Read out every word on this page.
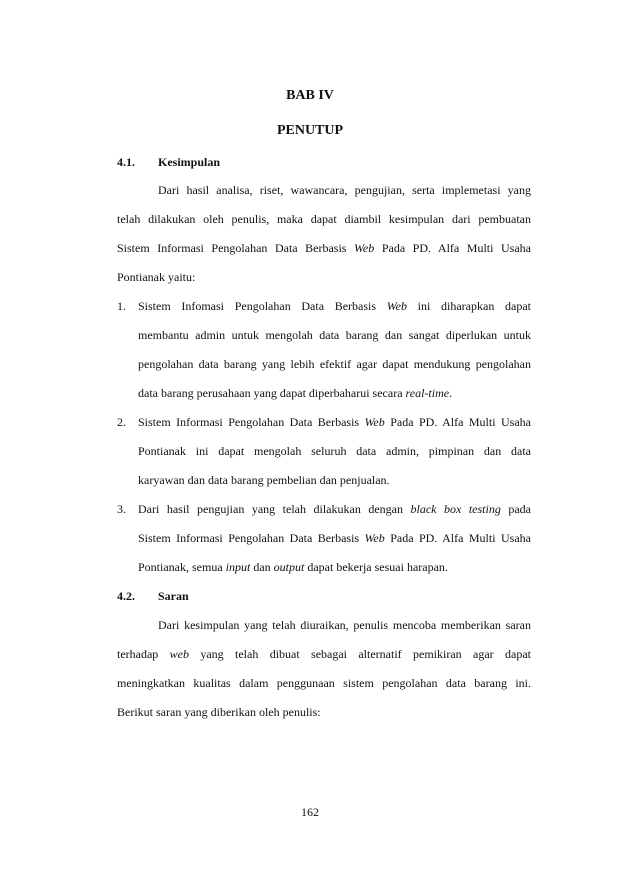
BAB IV
PENUTUP
4.1. Kesimpulan
Dari hasil analisa, riset, wawancara, pengujian, serta implemetasi yang
telah dilakukan oleh penulis, maka dapat diambil kesimpulan dari pembuatan
Sistem Informasi Pengolahan Data Berbasis Web Pada PD. Alfa Multi Usaha
Pontianak yaitu:
1. Sistem Infomasi Pengolahan Data Berbasis Web ini diharapkan dapat
membantu admin untuk mengolah data barang dan sangat diperlukan untuk
pengolahan data barang yang lebih efektif agar dapat mendukung pengolahan
data barang perusahaan yang dapat diperbaharui secara real-time.
2. Sistem Informasi Pengolahan Data Berbasis Web Pada PD. Alfa Multi Usaha
Pontianak ini dapat mengolah seluruh data admin, pimpinan dan data
karyawan dan data barang pembelian dan penjualan.
3. Dari hasil pengujian yang telah dilakukan dengan black box testing pada
Sistem Informasi Pengolahan Data Berbasis Web Pada PD. Alfa Multi Usaha
Pontianak, semua input dan output dapat bekerja sesuai harapan.
4.2. Saran
Dari kesimpulan yang telah diuraikan, penulis mencoba memberikan saran
terhadap web yang telah dibuat sebagai alternatif pemikiran agar dapat
meningkatkan kualitas dalam penggunaan sistem pengolahan data barang ini.
Berikut saran yang diberikan oleh penulis:
162
